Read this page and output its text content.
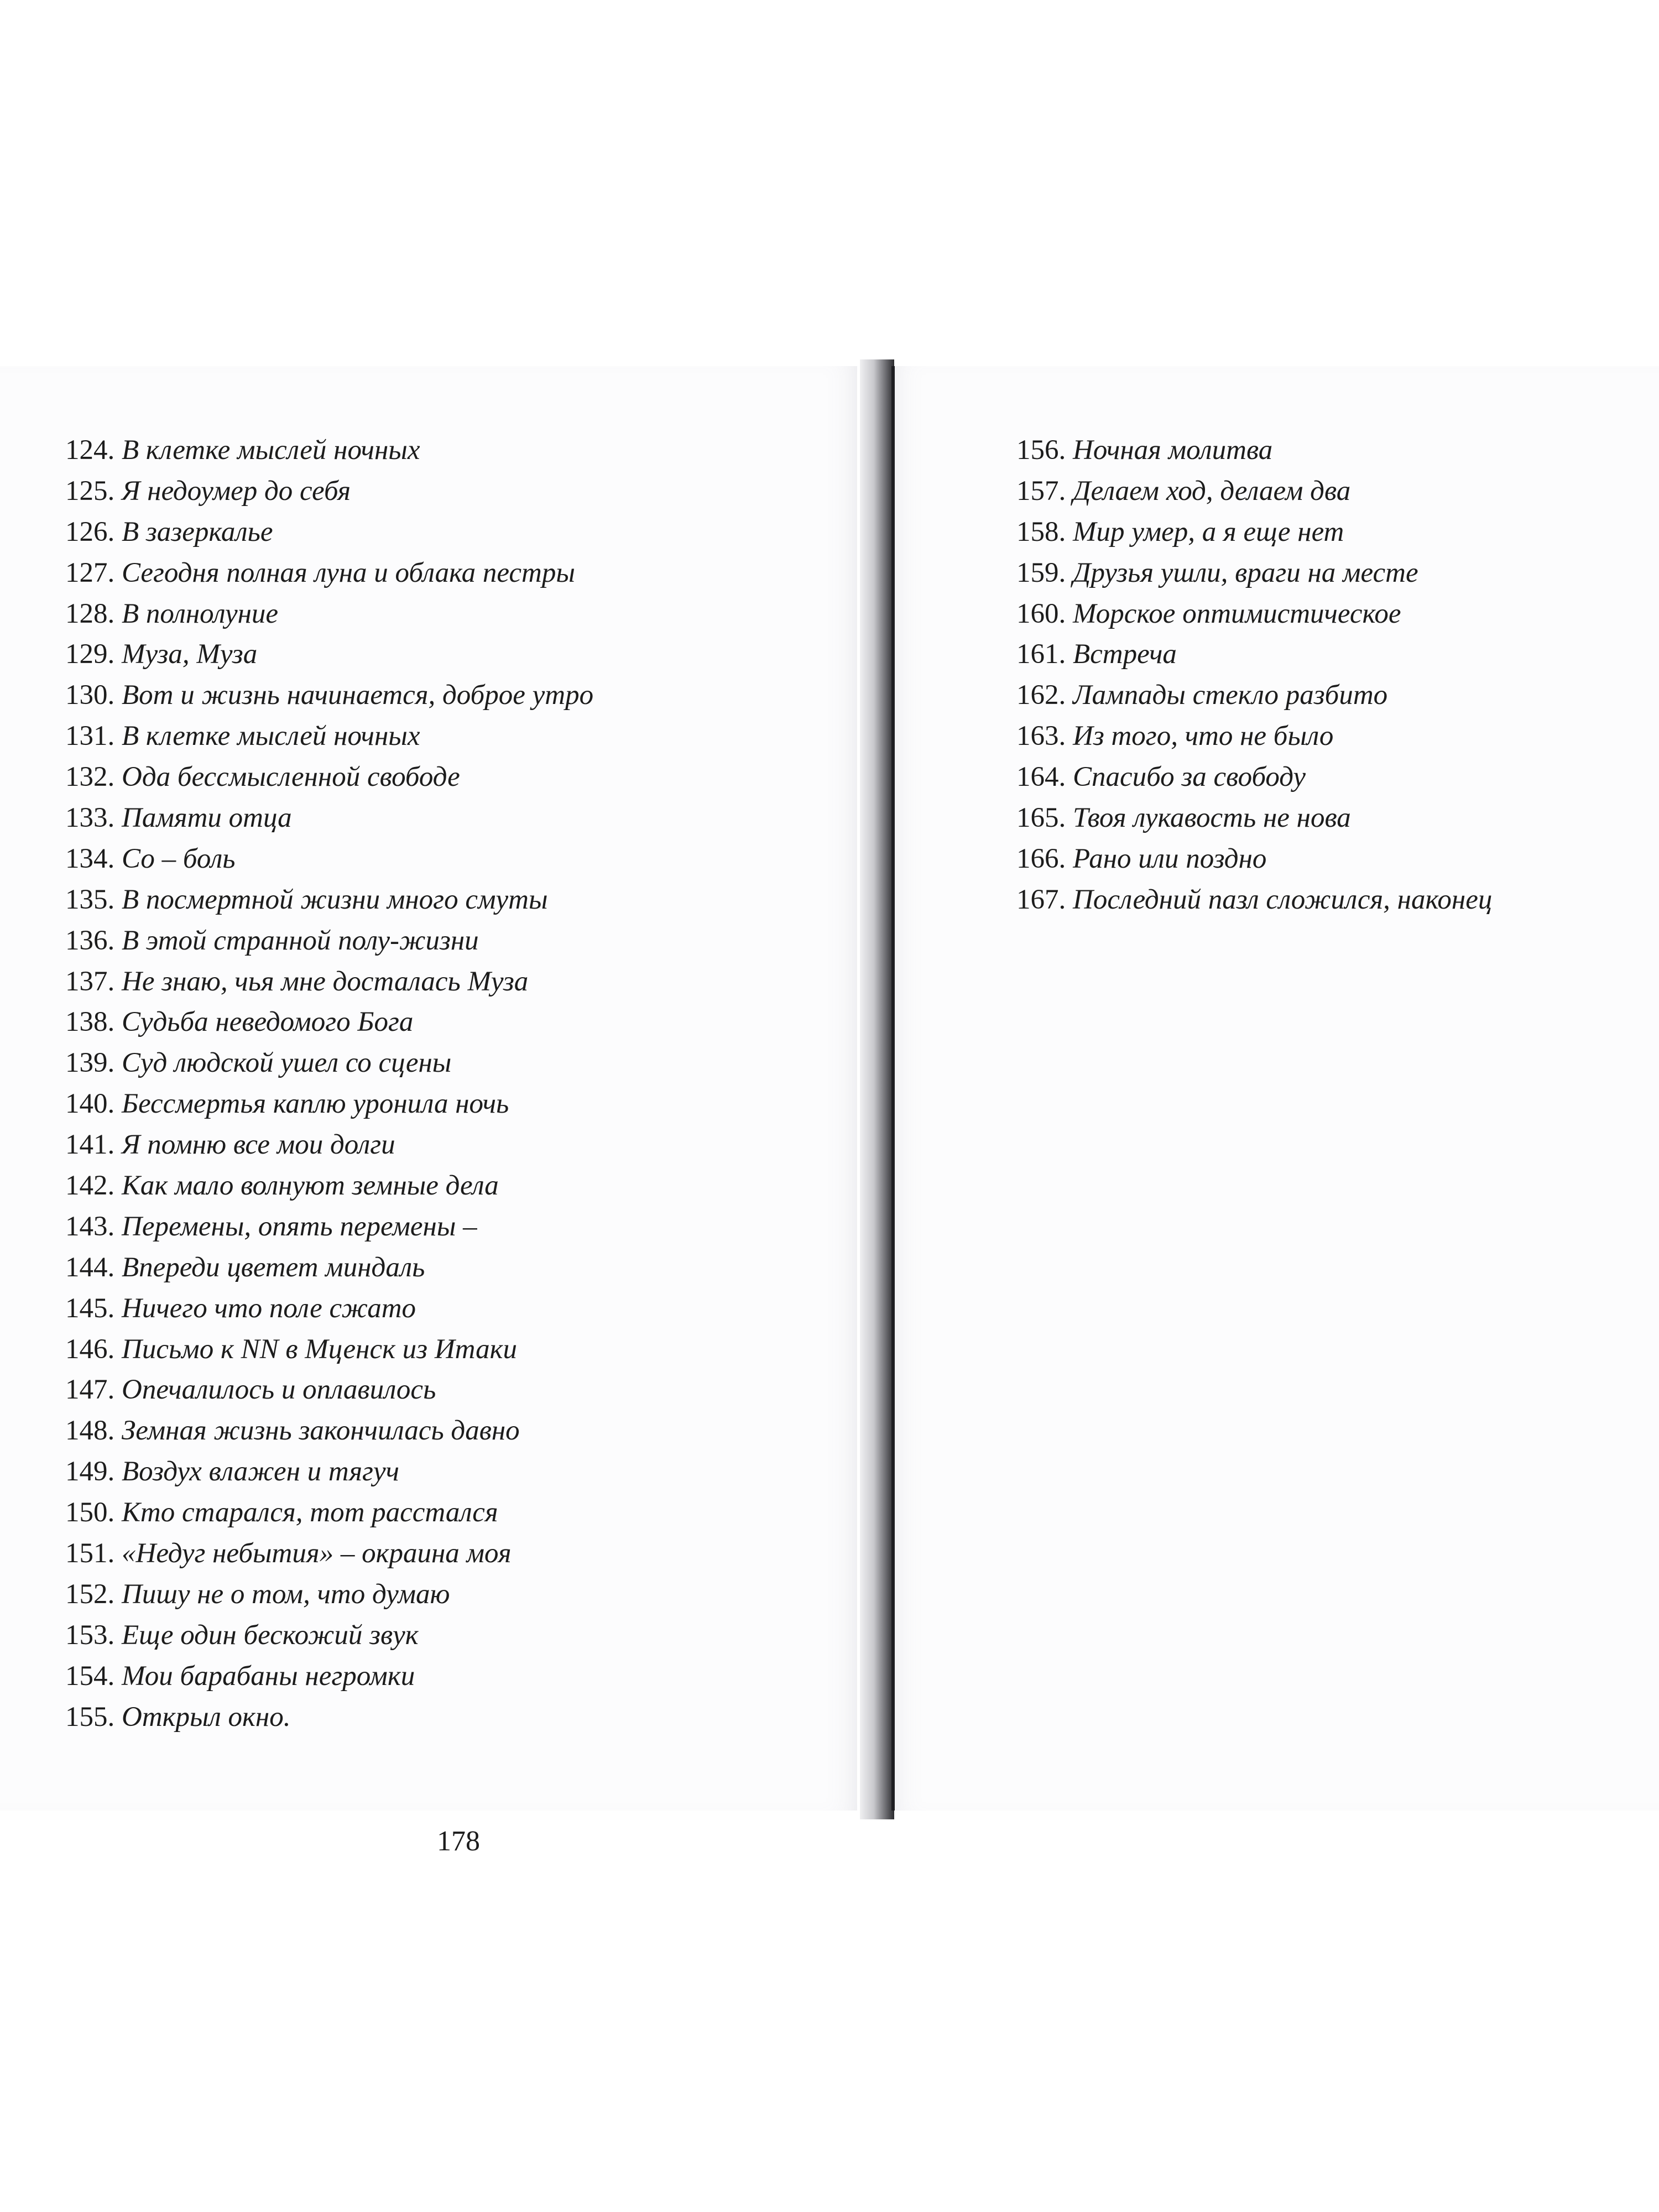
124. В клетке мыслей ночных
125. Я недоумер до себя
126. В зазеркалье
127. Сегодня полная луна и облака пестры
128. В полнолуние
129. Муза, Муза
130. Вот и жизнь начинается, доброе утро
131. В клетке мыслей ночных
132. Ода бессмысленной свободе
133. Памяти отца
134. Со – боль
135. В посмертной жизни много смуты
136. В этой странной полу-жизни
137. Не знаю, чья мне досталась Муза
138. Судьба неведомого Бога
139. Суд людской ушел со сцены
140. Бессмертья каплю уронила ночь
141. Я помню все мои долги
142. Как мало волнуют земные дела
143. Перемены, опять перемены –
144. Впереди цветет миндаль
145. Ничего что поле сжато
146. Письмо к NN в Мценск из Итаки
147. Опечалилось и оплавилось
148. Земная жизнь закончилась давно
149. Воздух влажен и тягуч
150. Кто старался, тот расстался
151. «Недуг небытия» – окраина моя
152. Пишу не о том, что думаю
153. Еще один бескожий звук
154. Мои барабаны негромки
155. Открыл окно.
156. Ночная молитва
157. Делаем ход, делаем два
158. Мир умер, а я еще нет
159. Друзья ушли, враги на месте
160. Морское оптимистическое
161. Встреча
162. Лампады стекло разбито
163. Из того, что не было
164. Спасибо за свободу
165. Твоя лукавость не нова
166. Рано или поздно
167. Последний пазл сложился, наконец
178
